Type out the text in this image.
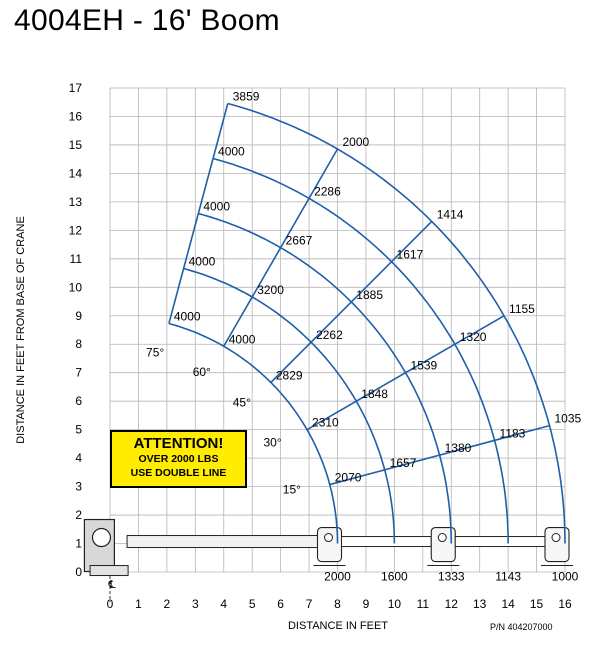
4004EH - 16' Boom
0 1 2 3 4 5 6 7 8 9 10 11 12 13 14 15 16
0
1
2
3
4
5
6
7
8
9
10
11
12
13
14
15
16
17
4000
4000
2829
2310
2070
4000
3200
2262
1848
1657
4000
2667
1885
1539
1380
4000
2286
1617
1320
1183
3859
2000
1414
1155
1035
75°
60°
45°
30°
15°
2000	1600	1333	1143	1000
DISTANCE IN FEET
DISTANCE IN FEET FROM BASE OF CRANE
℄
ATTENTION!
OVER 2000 LBS
USE DOUBLE LINE
P/N 404207000
